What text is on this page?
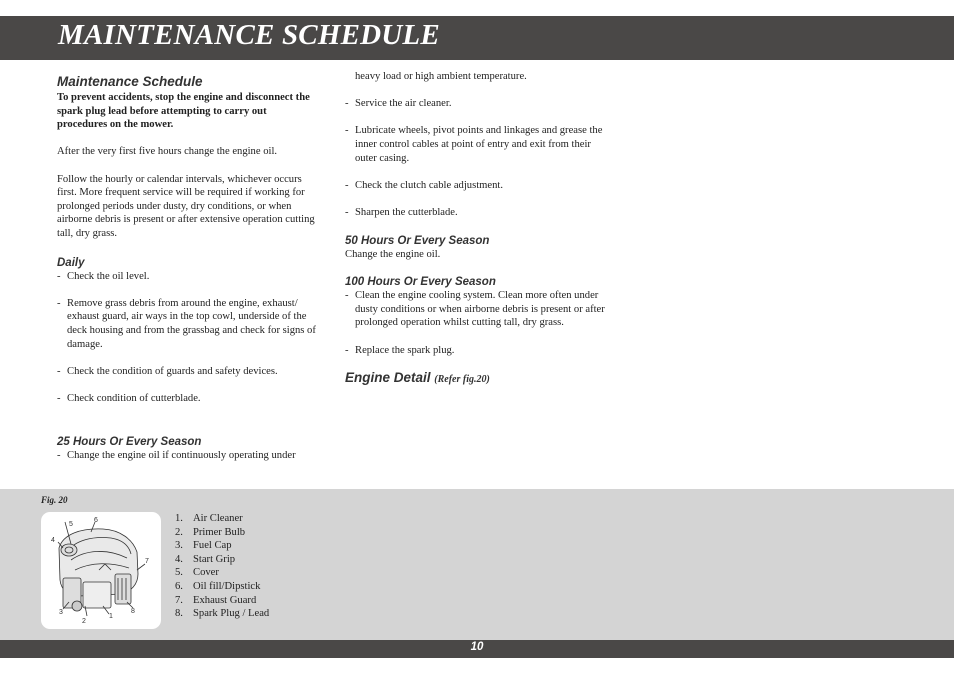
MAINTENANCE SCHEDULE
Maintenance Schedule

To prevent accidents, stop the engine and disconnect the spark plug lead before attempting to carry out procedures on the mower.

After the very first five hours change the engine oil.

Follow the hourly or calendar intervals, whichever occurs first. More frequent service will be required if working for prolonged periods under dusty, dry conditions, or when airborne debris is present or after extensive operation cutting tall, dry grass.

Daily

- Check the oil level.

- Remove grass debris from around the engine, exhaust/ exhaust guard, air ways in the top cowl, underside of the deck housing and from the grassbag and check for signs of damage.

- Check the condition of guards and safety devices.

- Check condition of cutterblade.

25 Hours Or Every Season

- Change the engine oil if continuously operating under

heavy load or high ambient temperature.

- Service the air cleaner.

- Lubricate wheels, pivot points and linkages and grease the inner control cables at point of entry and exit from their outer casing.

- Check the clutch cable adjustment.

- Sharpen the cutterblade.

50 Hours Or Every Season

Change the engine oil.

100 Hours Or Every Season

- Clean the engine cooling system. Clean more often under dusty conditions or when airborne debris is present or after prolonged operation whilst cutting tall, dry grass.

- Replace the spark plug.

Engine Detail (Refer fig.20)
Fig. 20
1
2
3
4
5
6
7
8
1. Air Cleaner
2. Primer Bulb
3. Fuel Cap
4. Start Grip
5. Cover
6. Oil fill/Dipstick
7. Exhaust Guard
8. Spark Plug / Lead
10
